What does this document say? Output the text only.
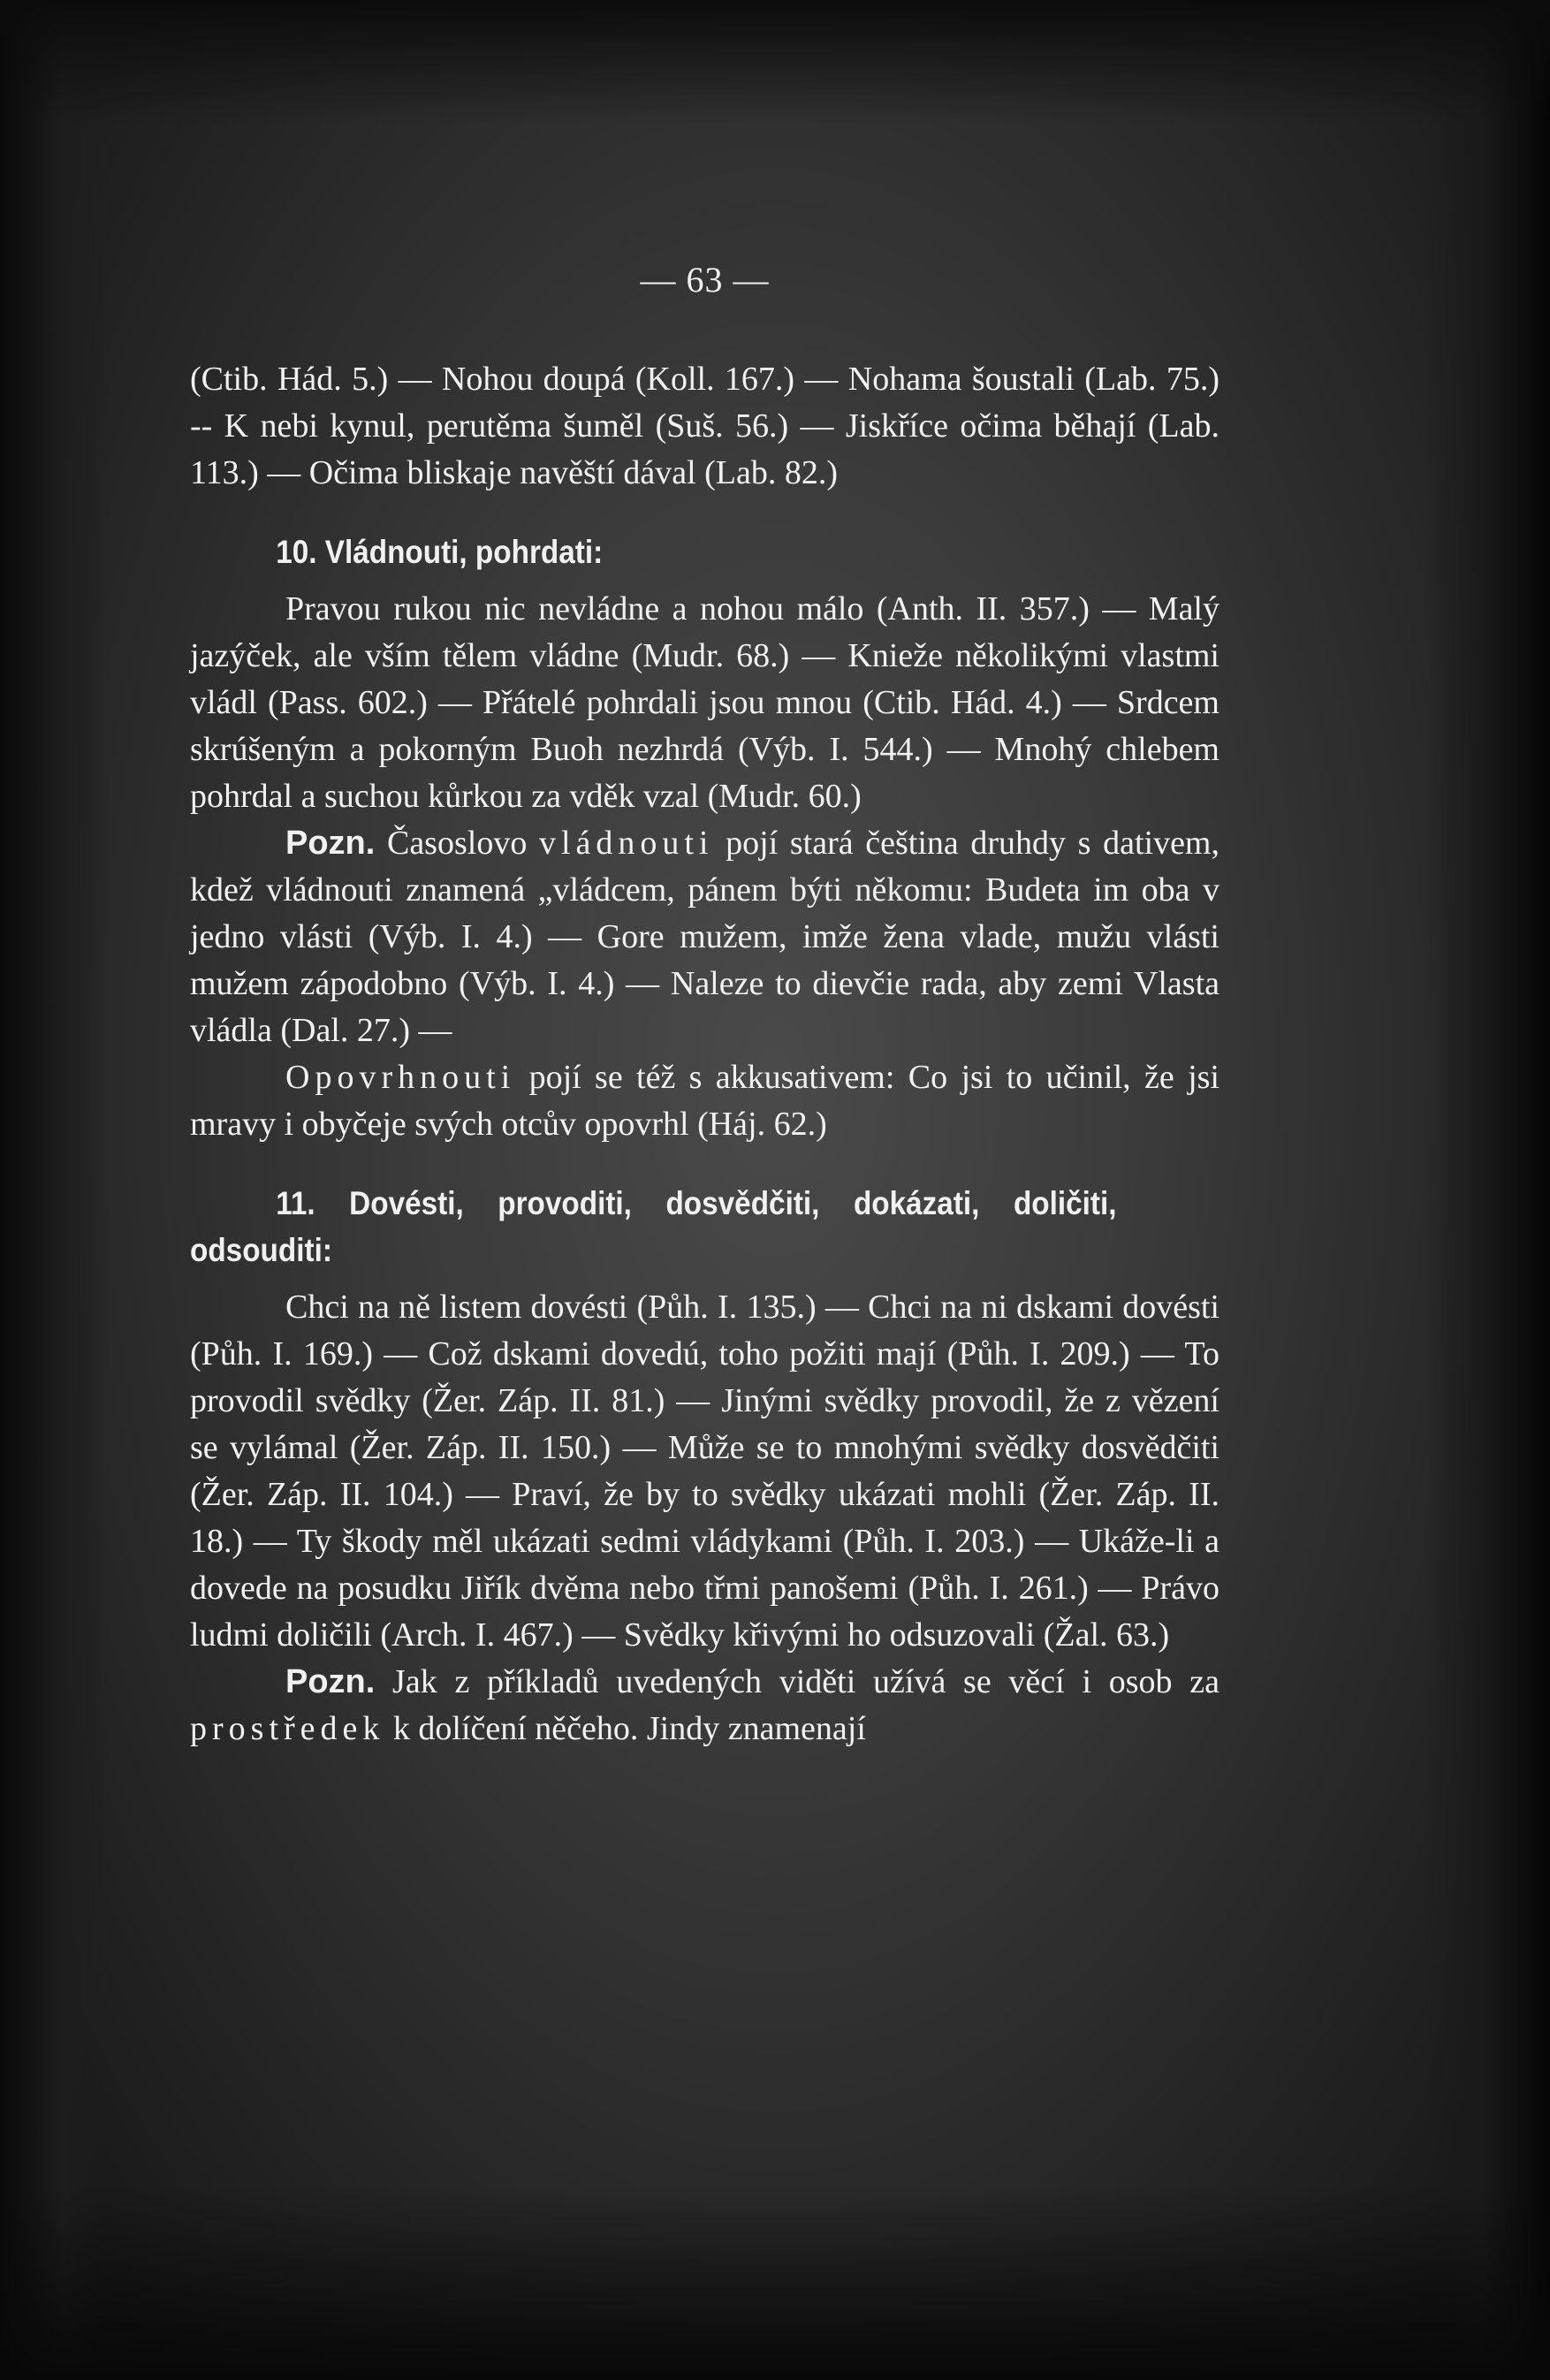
— 63 —

(Ctib. Hád. 5.) — Nohou doupá (Koll. 167.) — Nohama šoustali (Lab. 75.) -- K nebi kynul, perutěma šuměl (Suš. 56.) — Jiskříce očima běhají (Lab. 113.) — Očima bliskaje navěští dával (Lab. 82.)

10. Vládnouti, pohrdati:

Pravou rukou nic nevládne a nohou málo (Anth. II. 357.) — Malý jazýček, ale vším tělem vládne (Mudr. 68.) — Knieže několikými vlastmi vládl (Pass. 602.) — Přátelé pohrdali jsou mnou (Ctib. Hád. 4.) — Srdcem skrúšeným a pokorným Buoh nezhrdá (Výb. I. 544.) — Mnohý chlebem pohrdal a suchou kůrkou za vděk vzal (Mudr. 60.)

Pozn. Časoslovo vládnouti pojí stará čeština druhdy s dativem, kdež vládnouti znamená „vládcem, pánem býti někomu: Budeta im oba v jedno vlásti (Výb. I. 4.) — Gore mužem, imže žena vlade, mužu vlásti mužem zápodobno (Výb. I. 4.) — Naleze to dievčie rada, aby zemi Vlasta vládla (Dal. 27.) —

Opovrhnouti pojí se též s akkusativem: Co jsi to učinil, že jsi mravy i obyčeje svých otcův opovrhl (Háj. 62.)

11. Dovésti, provoditi, dosvědčiti, dokázati, doličiti, odsouditi:

Chci na ně listem dovésti (Půh. I. 135.) — Chci na ni dskami dovésti (Půh. I. 169.) — Což dskami dovedú, toho požiti mají (Půh. I. 209.) — To provodil svědky (Žer. Záp. II. 81.) — Jinými svědky provodil, že z vězení se vylámal (Žer. Záp. II. 150.) — Může se to mnohými svědky dosvědčiti (Žer. Záp. II. 104.) — Praví, že by to svědky ukázati mohli (Žer. Záp. II. 18.) — Ty škody měl ukázati sedmi vládykami (Půh. I. 203.) — Ukáže-li a dovede na posudku Jiřík dvěma nebo třmi panošemi (Půh. I. 261.) — Právo ludmi doličili (Arch. I. 467.) — Svědky křivými ho odsuzovali (Žal. 63.)

Pozn. Jak z příkladů uvedených viděti užívá se věcí i osob za prostředek k dolíčení něčeho. Jindy znamenají
